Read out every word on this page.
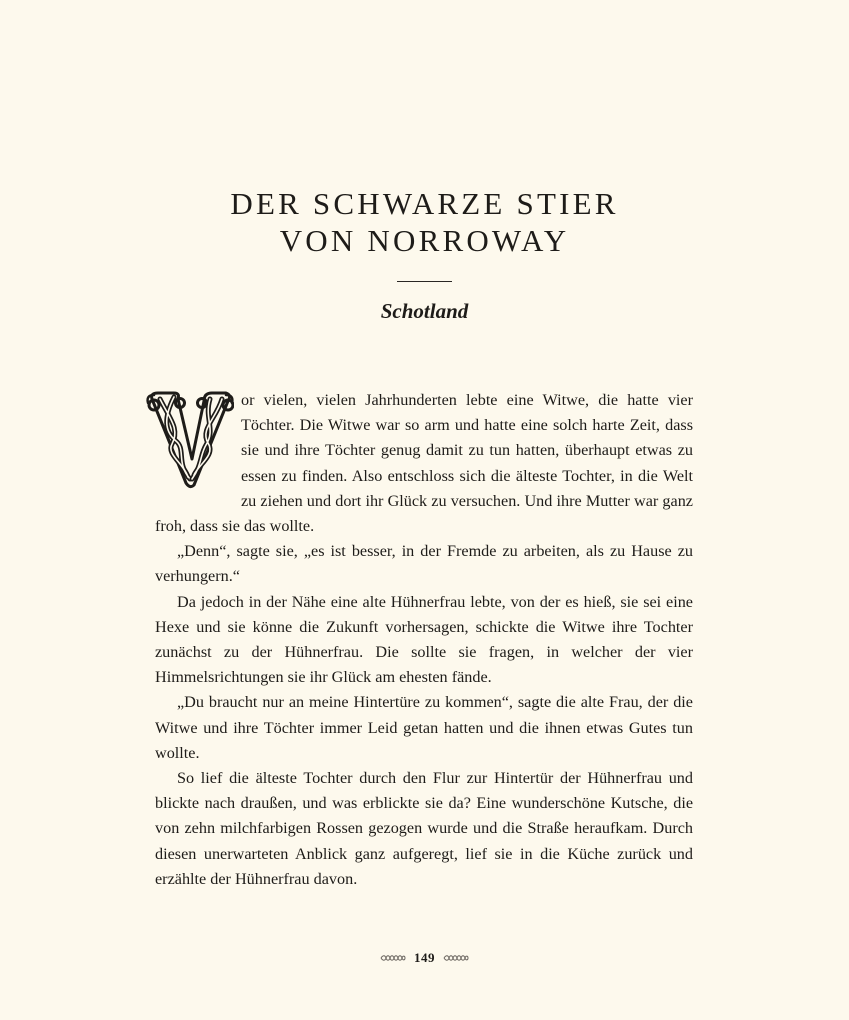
DER SCHWARZE STIER
VON NORROWAY
Schotland

or vielen, vielen Jahrhunderten lebte eine Witwe, die hatte vier Töchter. Die Witwe war so arm und hatte eine solch harte Zeit, dass sie und ihre Töchter genug damit zu tun hatten, überhaupt etwas zu essen zu finden. Also entschloss sich die älteste Tochter, in die Welt zu ziehen und dort ihr Glück zu versuchen. Und ihre Mutter war ganz froh, dass sie das wollte.

„Denn“, sagte sie, „es ist besser, in der Fremde zu arbeiten, als zu Hause zu verhungern.“

Da jedoch in der Nähe eine alte Hühnerfrau lebte, von der es hieß, sie sei eine Hexe und sie könne die Zukunft vorhersagen, schickte die Witwe ihre Tochter zunächst zu der Hühnerfrau. Die sollte sie fragen, in welcher der vier Himmelsrichtungen sie ihr Glück am ehesten fände.

„Du braucht nur an meine Hintertüre zu kommen“, sagte die alte Frau, der die Witwe und ihre Töchter immer Leid getan hatten und die ihnen etwas Gutes tun wollte.

So lief die älteste Tochter durch den Flur zur Hintertür der Hühnerfrau und blickte nach draußen, und was erblickte sie da? Eine wunderschöne Kutsche, die von zehn milchfarbigen Rossen gezogen wurde und die Straße heraufkam. Durch diesen unerwarteten Anblick ganz aufgeregt, lief sie in die Küche zurück und erzählte der Hühnerfrau davon.

149
